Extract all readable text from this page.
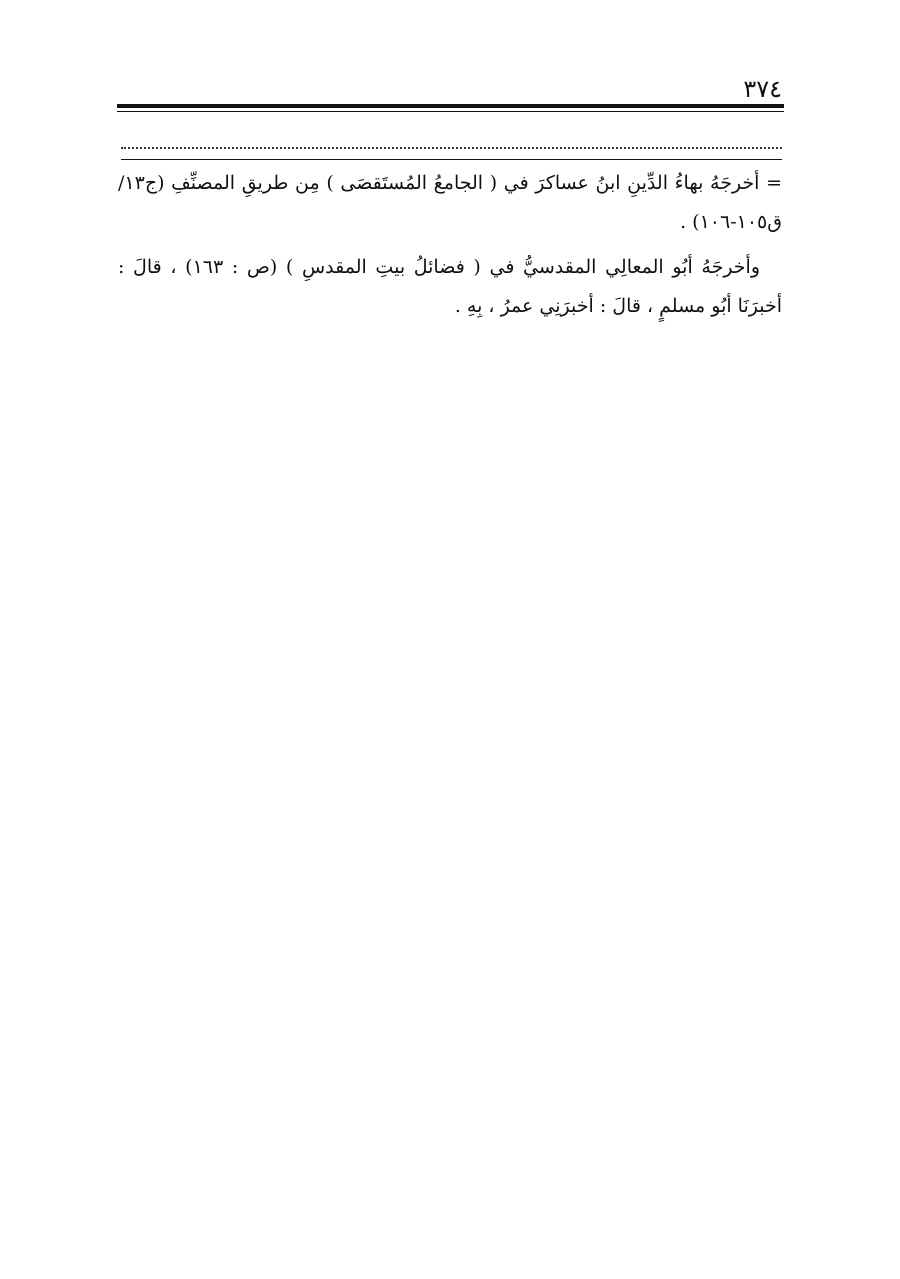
٣٧٤

= أخرجَهُ بهاءُ الدِّينِ ابنُ عساكرَ في ( الجامعُ المُستَقصَى ) مِن طريقِ المصنِّفِ (ج١٣/ ق١٠٥-١٠٦) .

وأخرجَهُ أبُو المعالِي المقدسيُّ في ( فضائلُ بيتِ المقدسِ ) (ص : ١٦٣) ، قالَ : أخبرَنَا أبُو مسلمٍ ، قالَ : أخبرَنِي عمرُ ، بِهِ .
